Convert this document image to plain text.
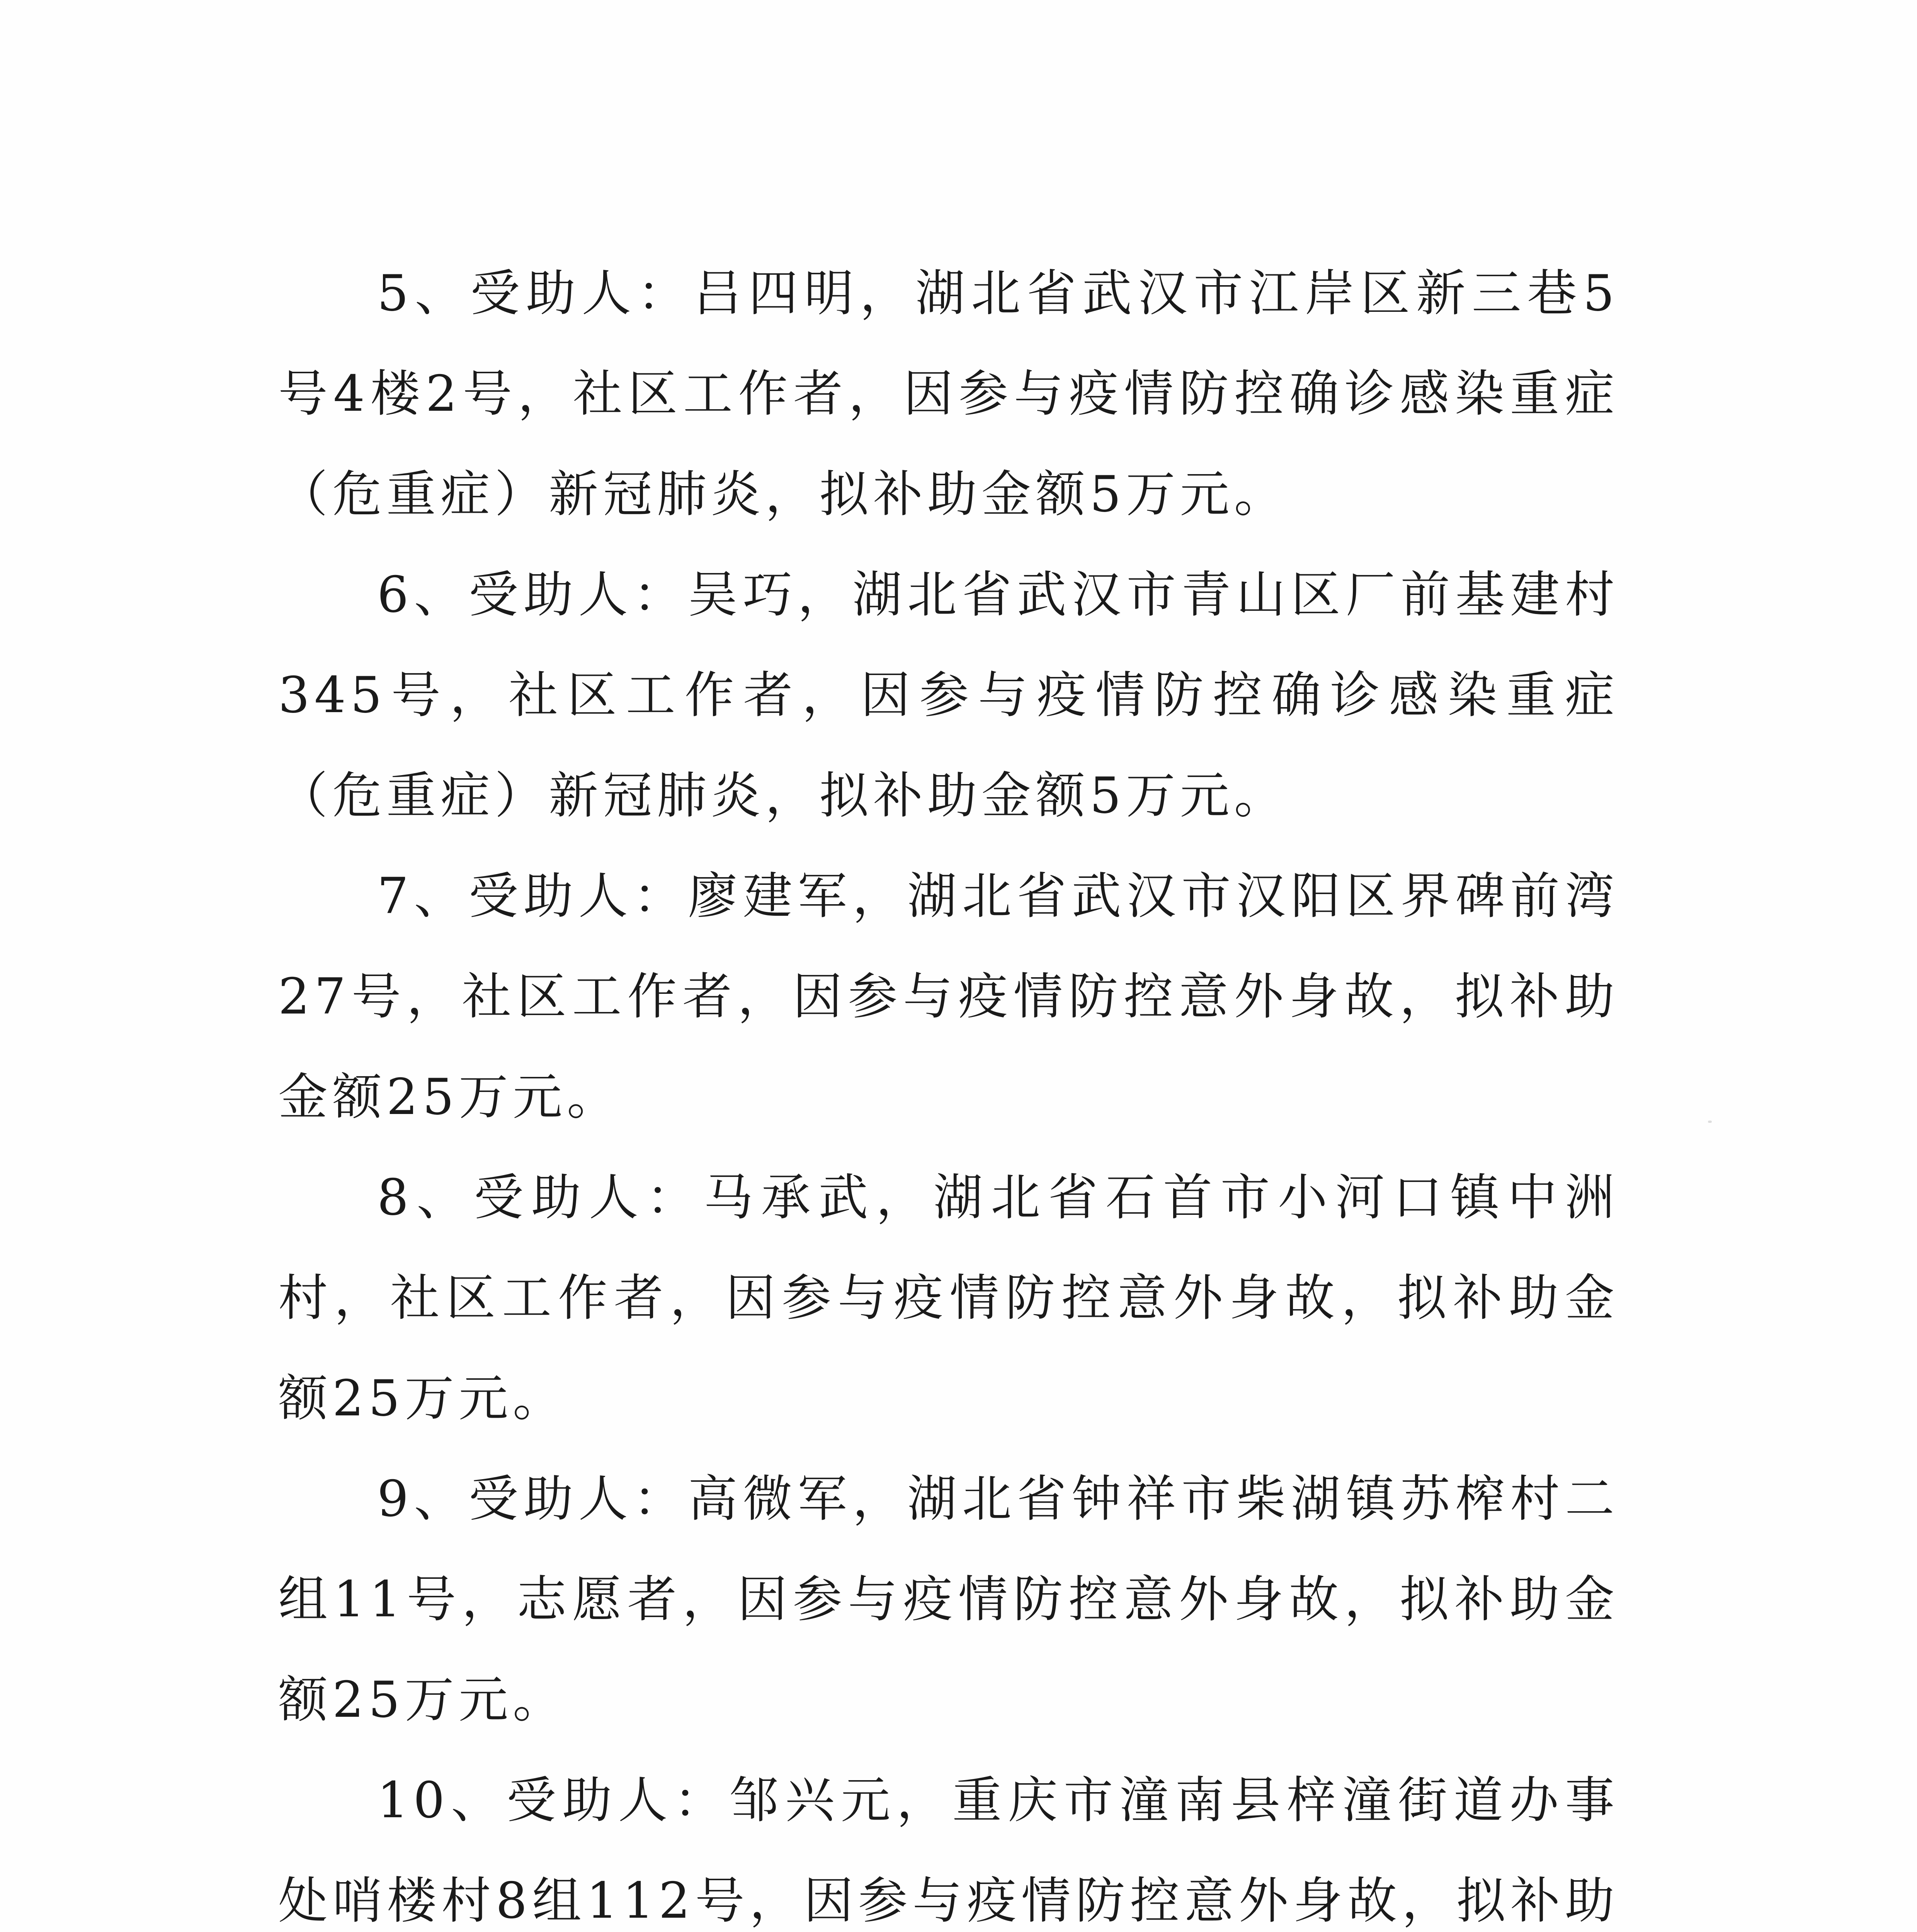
5、受助人：吕四明，湖北省武汉市江岸区新三巷5号4楼2号，社区工作者，因参与疫情防控确诊感染重症（危重症）新冠肺炎，拟补助金额5万元。

6、受助人：吴巧，湖北省武汉市青山区厂前基建村345号，社区工作者，因参与疫情防控确诊感染重症（危重症）新冠肺炎，拟补助金额5万元。

7、受助人：廖建军，湖北省武汉市汉阳区界碑前湾27号，社区工作者，因参与疫情防控意外身故，拟补助金额25万元。

8、受助人：马承武，湖北省石首市小河口镇中洲村，社区工作者，因参与疫情防控意外身故，拟补助金额25万元。

9、受助人：高微军，湖北省钟祥市柴湖镇苏榨村二组11号，志愿者，因参与疫情防控意外身故，拟补助金额25万元。

10、受助人：邹兴元，重庆市潼南县梓潼街道办事处哨楼村8组112号，因参与疫情防控意外身故，拟补助
